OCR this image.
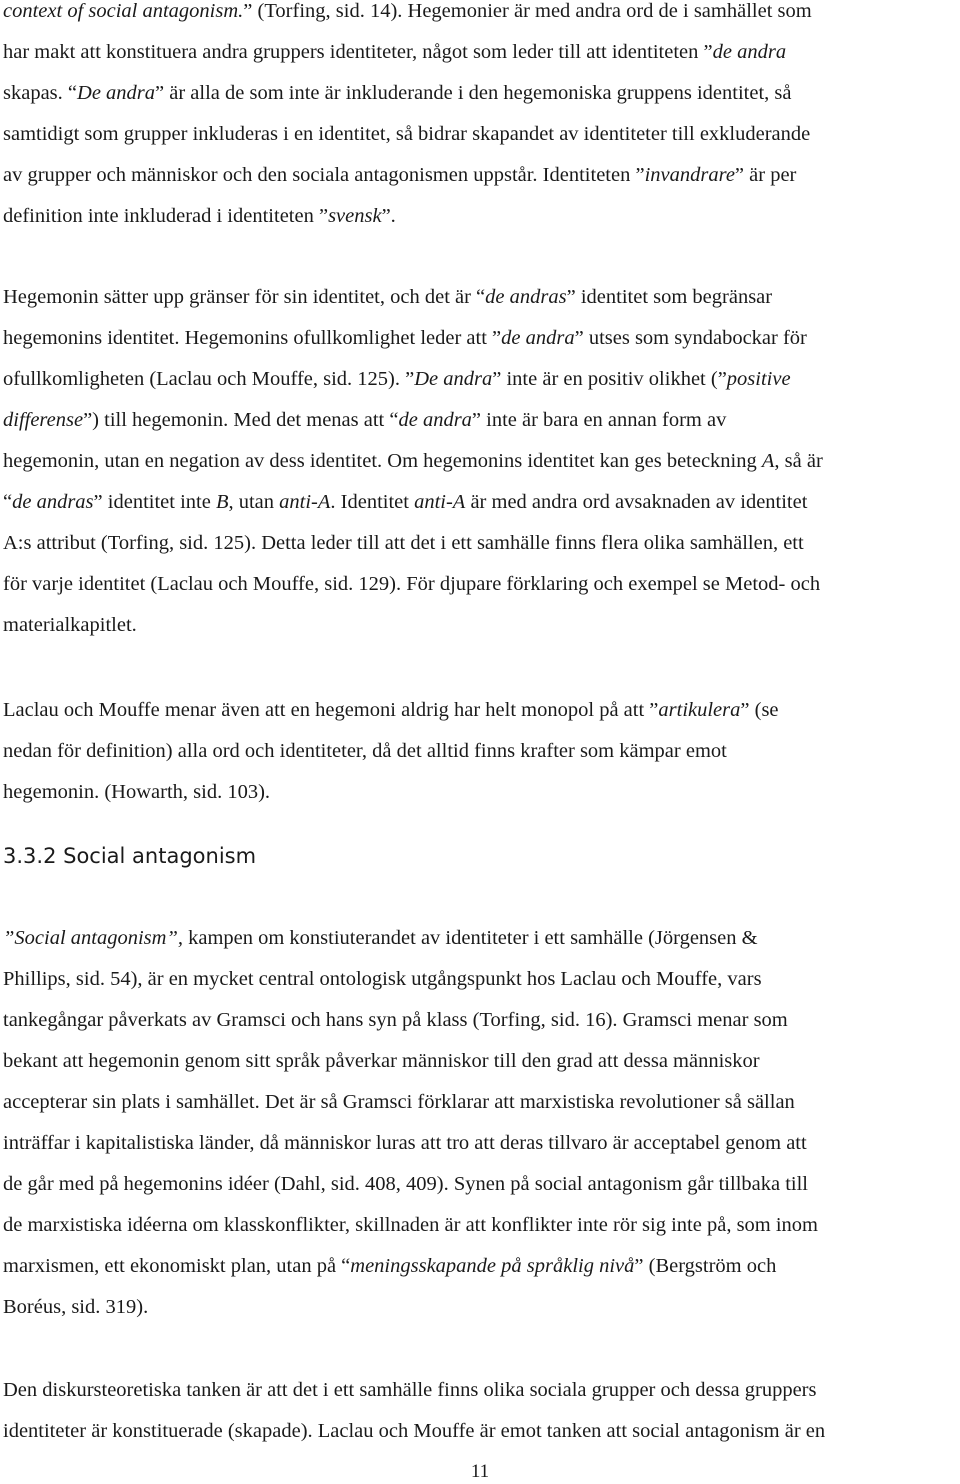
context of social antagonism.” (Torfing, sid. 14). Hegemonier är med andra ord de i samhället som
har makt att konstituera andra gruppers identiteter, något som leder till att identiteten ”de andra
skapas. “De andra” är alla de som inte är inkluderande i den hegemoniska gruppens identitet, så
samtidigt som grupper inkluderas i en identitet, så bidrar skapandet av identiteter till exkluderande
av grupper och människor och den sociala antagonismen uppstår. Identiteten ”invandrare” är per
definition inte inkluderad i identiteten ”svensk”.

Hegemonin sätter upp gränser för sin identitet, och det är “de andras” identitet som begränsar
hegemonins identitet. Hegemonins ofullkomlighet leder att ”de andra” utses som syndabockar för
ofullkomligheten (Laclau och Mouffe, sid. 125). ”De andra” inte är en positiv olikhet (”positive
differense”) till hegemonin. Med det menas att “de andra” inte är bara en annan form av
hegemonin, utan en negation av dess identitet. Om hegemonins identitet kan ges beteckning A, så är
“de andras” identitet inte B, utan anti-A. Identitet anti-A är med andra ord avsaknaden av identitet
A:s attribut (Torfing, sid. 125). Detta leder till att det i ett samhälle finns flera olika samhällen, ett
för varje identitet (Laclau och Mouffe, sid. 129). För djupare förklaring och exempel se Metod- och
materialkapitlet.

Laclau och Mouffe menar även att en hegemoni aldrig har helt monopol på att ”artikulera” (se
nedan för definition) alla ord och identiteter, då det alltid finns krafter som kämpar emot
hegemonin. (Howarth, sid. 103).

3.3.2 Social antagonism

”Social antagonism”, kampen om konstiuterandet av identiteter i ett samhälle (Jörgensen &
Phillips, sid. 54), är en mycket central ontologisk utgångspunkt hos Laclau och Mouffe, vars
tankegångar påverkats av Gramsci och hans syn på klass (Torfing, sid. 16). Gramsci menar som
bekant att hegemonin genom sitt språk påverkar människor till den grad att dessa människor
accepterar sin plats i samhället. Det är så Gramsci förklarar att marxistiska revolutioner så sällan
inträffar i kapitalistiska länder, då människor luras att tro att deras tillvaro är acceptabel genom att
de går med på hegemonins idéer (Dahl, sid. 408, 409). Synen på social antagonism går tillbaka till
de marxistiska idéerna om klasskonflikter, skillnaden är att konflikter inte rör sig inte på, som inom
marxismen, ett ekonomiskt plan, utan på “meningsskapande på språklig nivå” (Bergström och
Boréus, sid. 319).

Den diskursteoretiska tanken är att det i ett samhälle finns olika sociala grupper och dessa gruppers
identiteter är konstituerade (skapade). Laclau och Mouffe är emot tanken att social antagonism är en

11
